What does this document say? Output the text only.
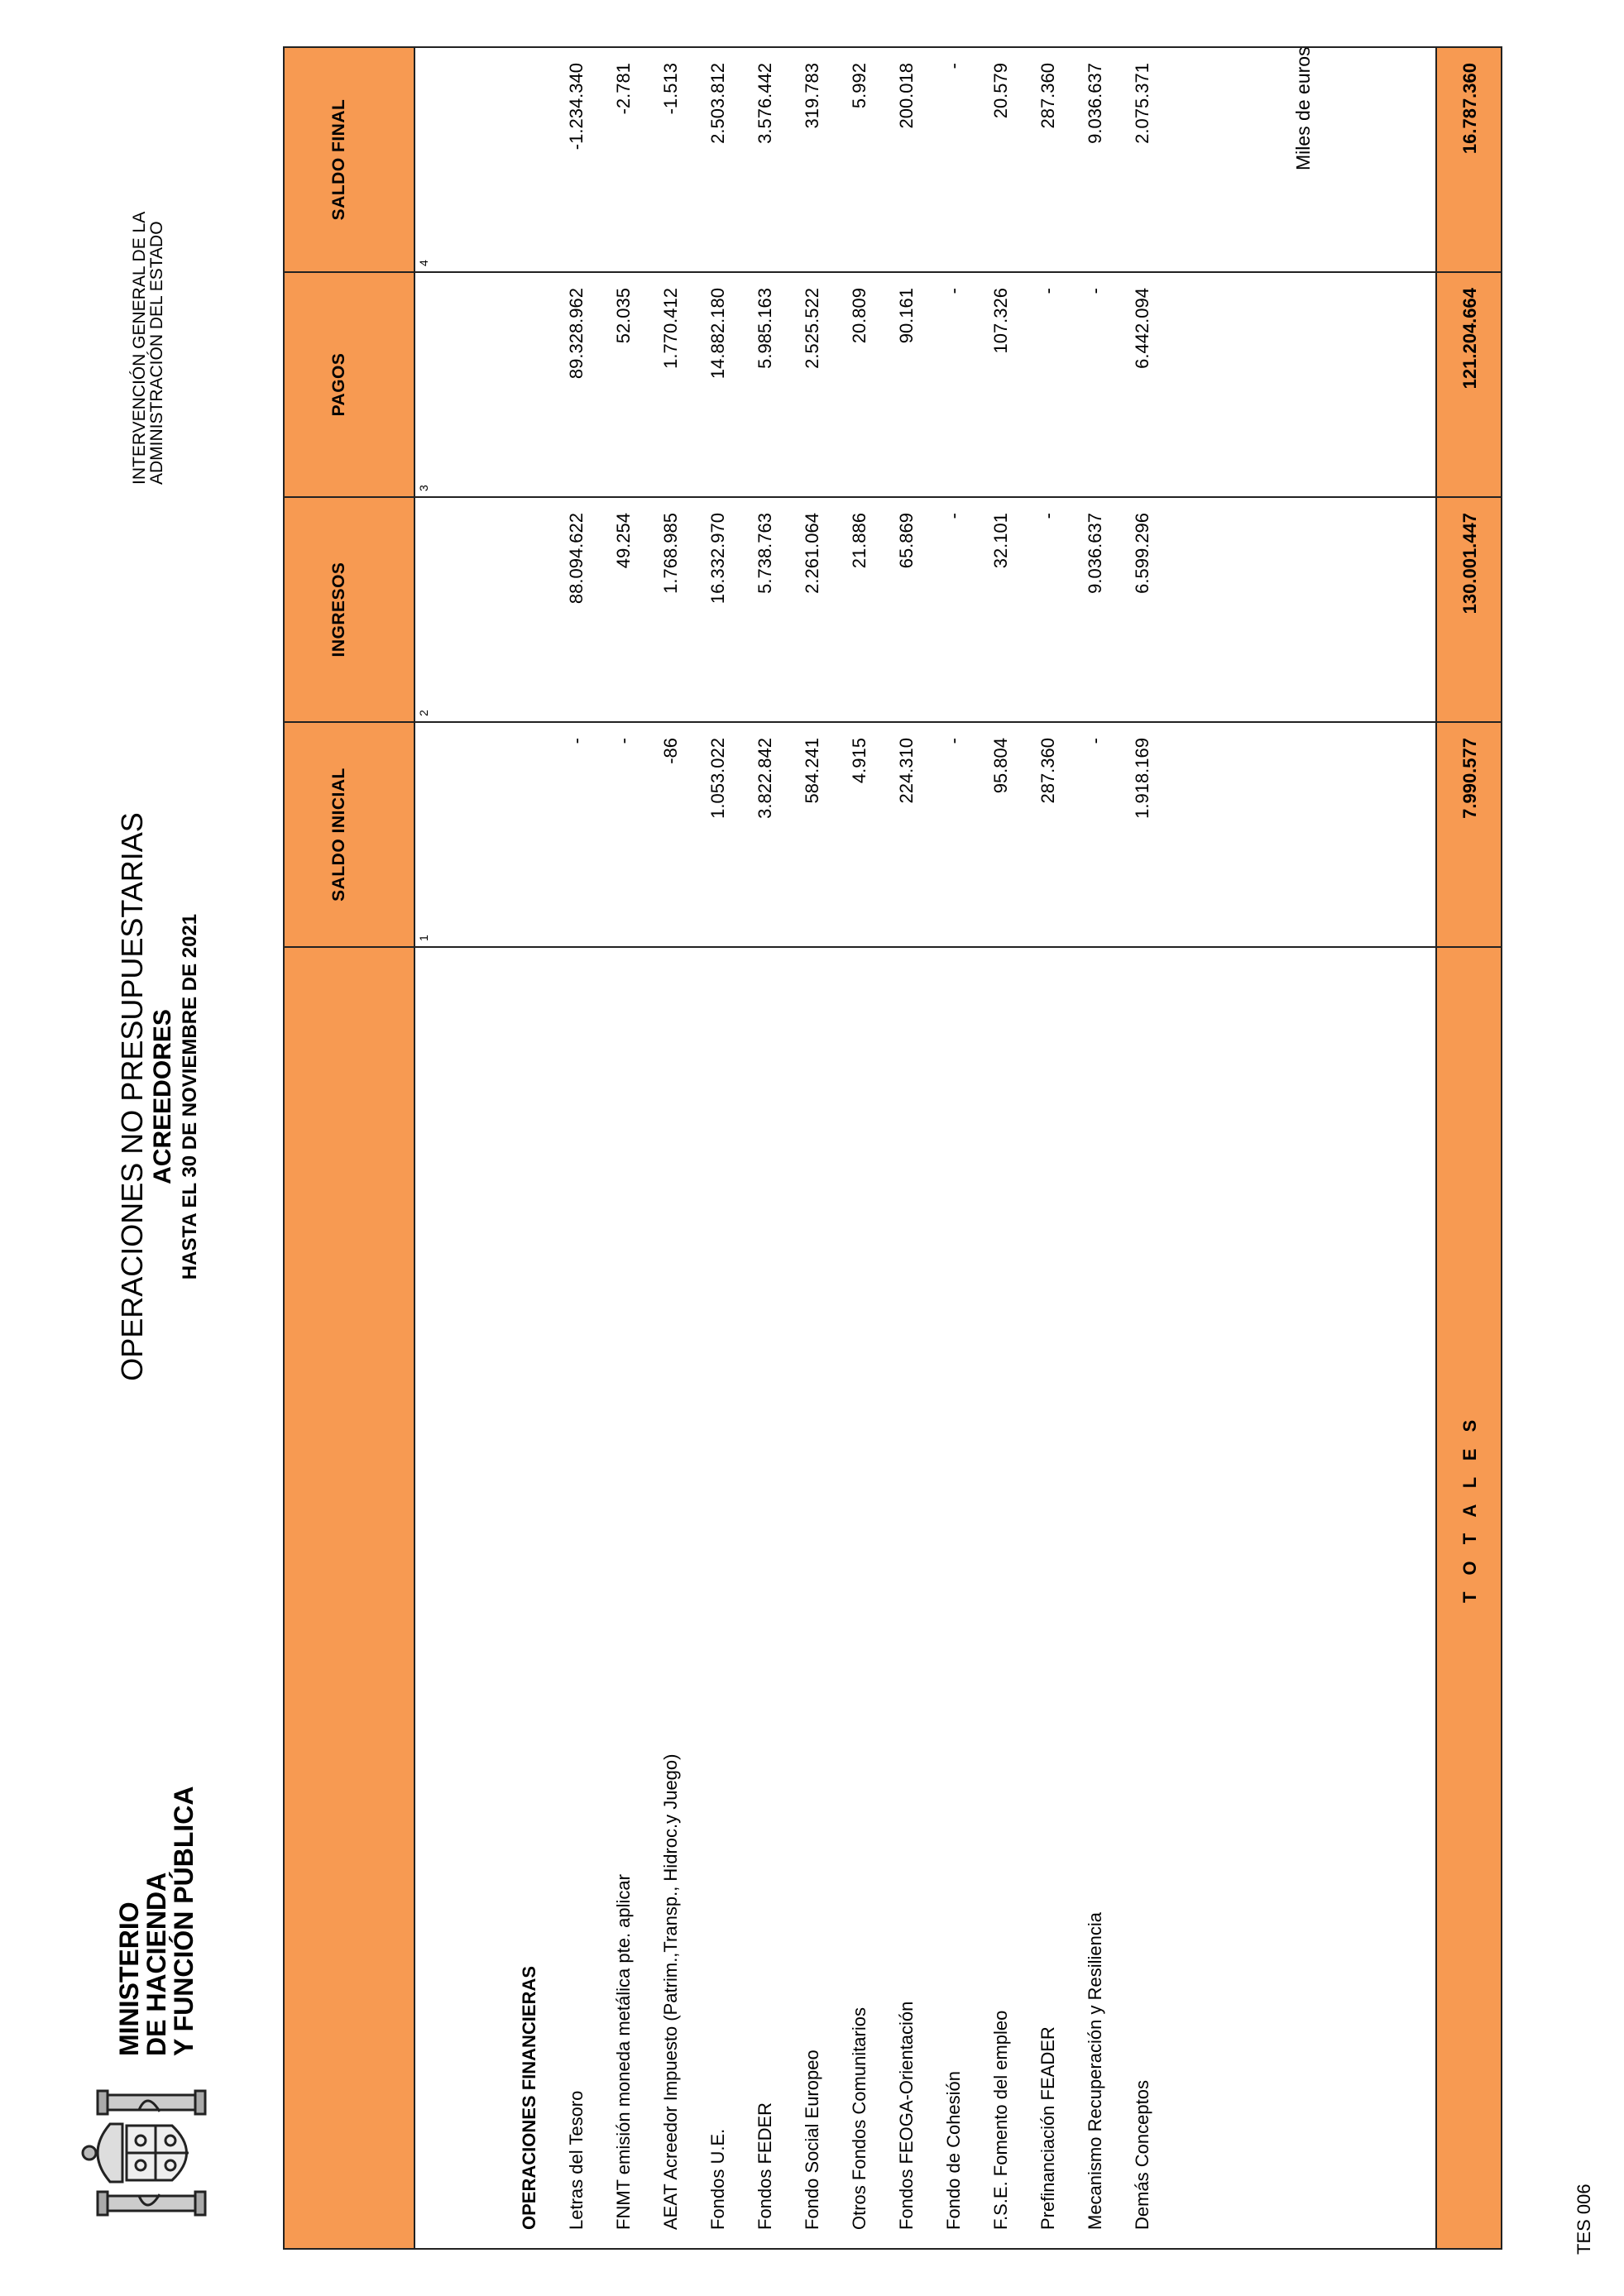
MINISTERIO
DE HACIENDA
Y FUNCIÓN PÚBLICA
OPERACIONES NO PRESUPUESTARIAS ACREEDORES HASTA EL 30 DE NOVIEMBRE DE 2021
INTERVENCIÓN GENERAL DE LA
ADMINISTRACIÓN DEL ESTADO
Miles de euros
SALDO INICIAL
INGRESOS
PAGOS
SALDO FINAL
1
2
3
4
OPERACIONES FINANCIERAS Letras del Tesoro
-
88.094.622
89.328.962
-1.234.340
FNMT emisión moneda metálica pte. aplicar
-
49.254
52.035
-2.781
AEAT Acreedor Impuesto (Patrim.,Transp., Hidroc.y Juego)
-86
1.768.985
1.770.412
-1.513
Fondos U.E.
1.053.022
16.332.970
14.882.180
2.503.812
Fondos FEDER
3.822.842
5.738.763
5.985.163
3.576.442
Fondo Social Europeo
584.241
2.261.064
2.525.522
319.783
Otros Fondos Comunitarios
4.915
21.886
20.809
5.992
Fondos FEOGA-Orientación
224.310
65.869
90.161
200.018
Fondo de Cohesión
-
-
-
-
F.S.E. Fomento del empleo
95.804
32.101
107.326
20.579
Prefinanciación FEADER
287.360
-
-
287.360
Mecanismo Recuperación y Resiliencia
-
9.036.637
-
9.036.637
Demás Conceptos
1.918.169
6.599.296
6.442.094
2.075.371
T O T A L E S
7.990.577
130.001.447
121.204.664
16.787.360
TES 006
